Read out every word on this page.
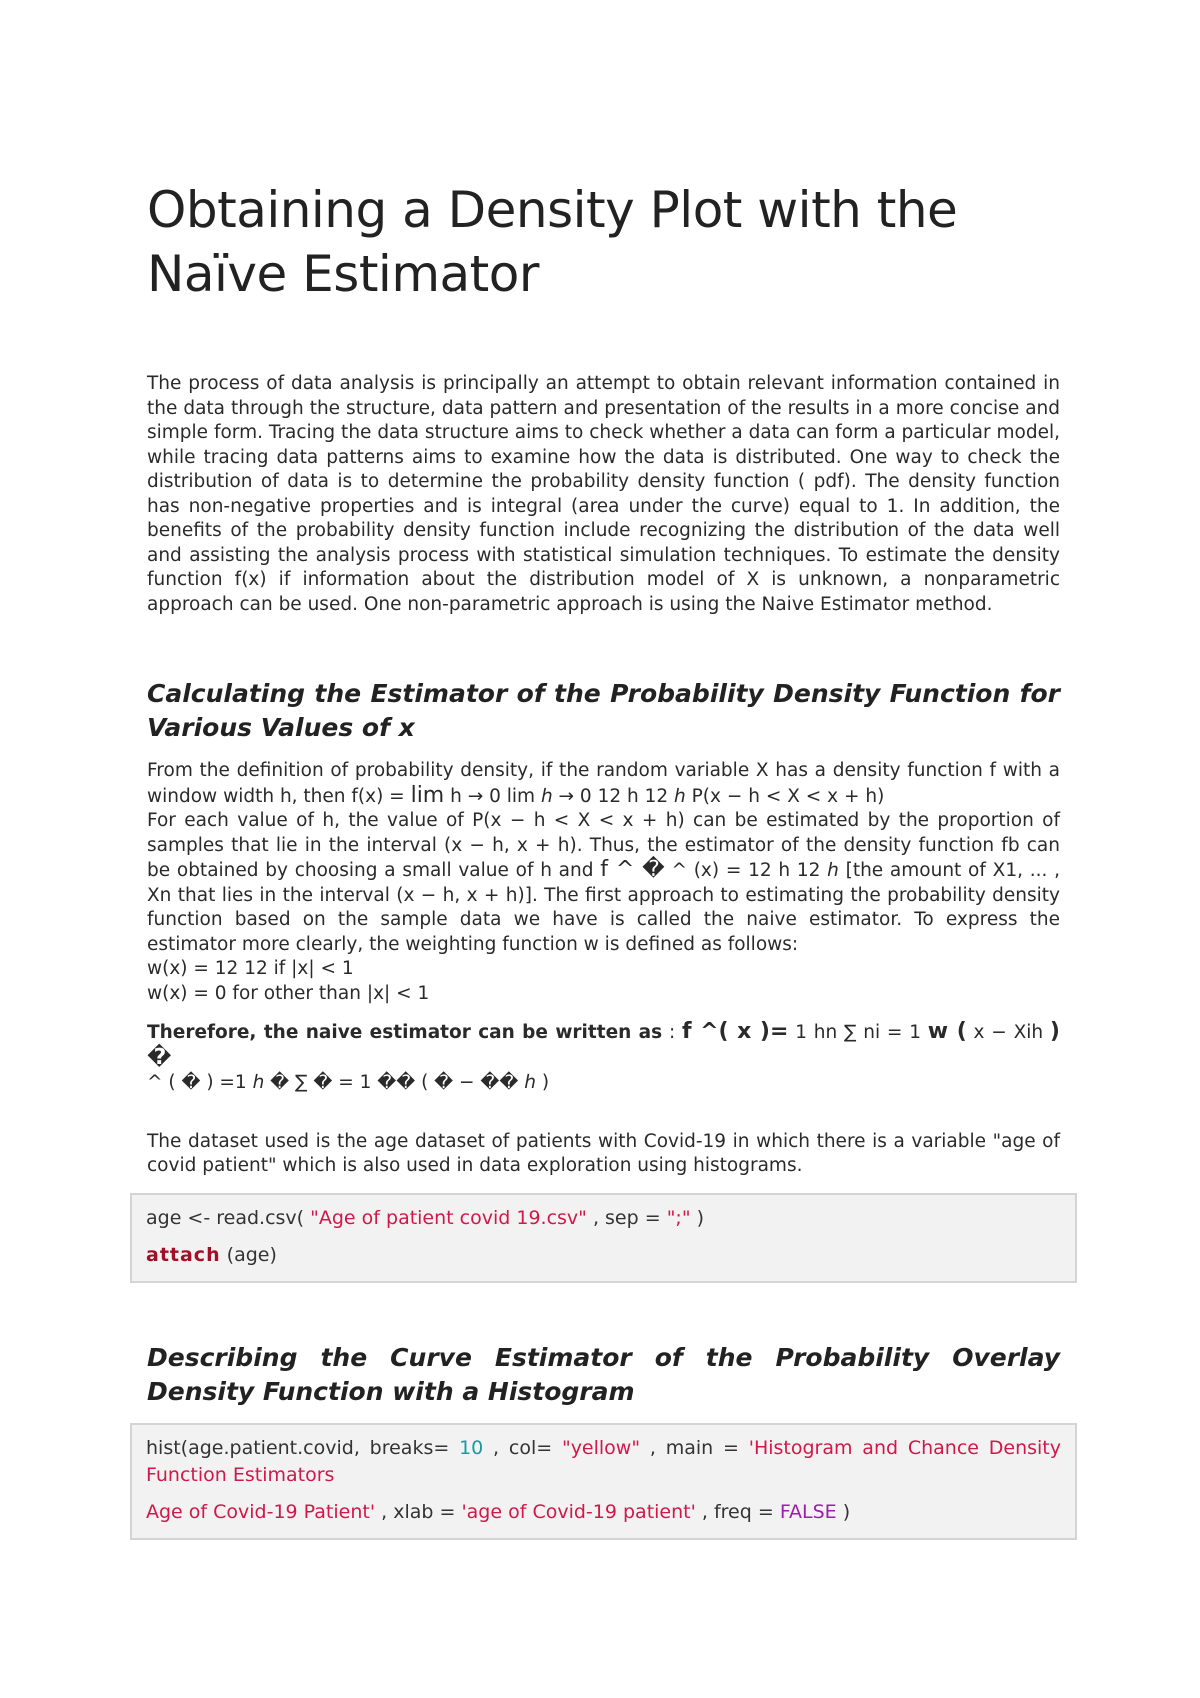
Obtaining a Density Plot with the Naïve Estimator

The process of data analysis is principally an attempt to obtain relevant information contained in the data through the structure, data pattern and presentation of the results in a more concise and simple form. Tracing the data structure aims to check whether a data can form a particular model, while tracing data patterns aims to examine how the data is distributed. One way to check the distribution of data is to determine the probability density function ( pdf). The density function has non-negative properties and is integral (area under the curve) equal to 1. In addition, the benefits of the probability density function include recognizing the distribution of the data well and assisting the analysis process with statistical simulation techniques. To estimate the density function f(x) if information about the distribution model of X is unknown, a nonparametric approach can be used. One non-parametric approach is using the Naive Estimator method.

Calculating the Estimator of the Probability Density Function for Various Values of x

From the definition of probability density, if the random variable X has a density function f with a window width h, then f(x) = lim h → 0 lim ℎ → 0 12 h 12 ℎ P(x − h < X < x + h)

For each value of h, the value of P(x − h < X < x + h) can be estimated by the proportion of samples that lie in the interval (x − h, x + h). Thus, the estimator of the density function fb can be obtained by choosing a small value of h and f ^ � ^ (x) = 12 h 12 ℎ [the amount of X1, ... , Xn that lies in the interval (x − h, x + h)]. The first approach to estimating the probability density function based on the sample data we have is called the naive estimator. To express the estimator more clearly, the weighting function w is defined as follows:

w(x) = 12 12 if |x| < 1

w(x) = 0 for other than |x| < 1

Therefore, the naive estimator can be written as : f ^( x )= 1 hn ∑ ni = 1 w ( x − Xih ) �
^ ( � ) =1 ℎ � ∑ � = 1 �� ( � − �� ℎ )

The dataset used is the age dataset of patients with Covid-19 in which there is a variable "age of covid patient" which is also used in data exploration using histograms.

age <- read.csv( "Age of patient covid 19.csv" , sep = ";" )
attach (age)
Describing the Curve Estimator of the Probability Overlay Density Function with a Histogram
hist(age.patient.covid, breaks= 10 , col= "yellow" , main = 'Histogram and Chance Density Function Estimators
Age of Covid-19 Patient' , xlab = 'age of Covid-19 patient' , freq = FALSE )
